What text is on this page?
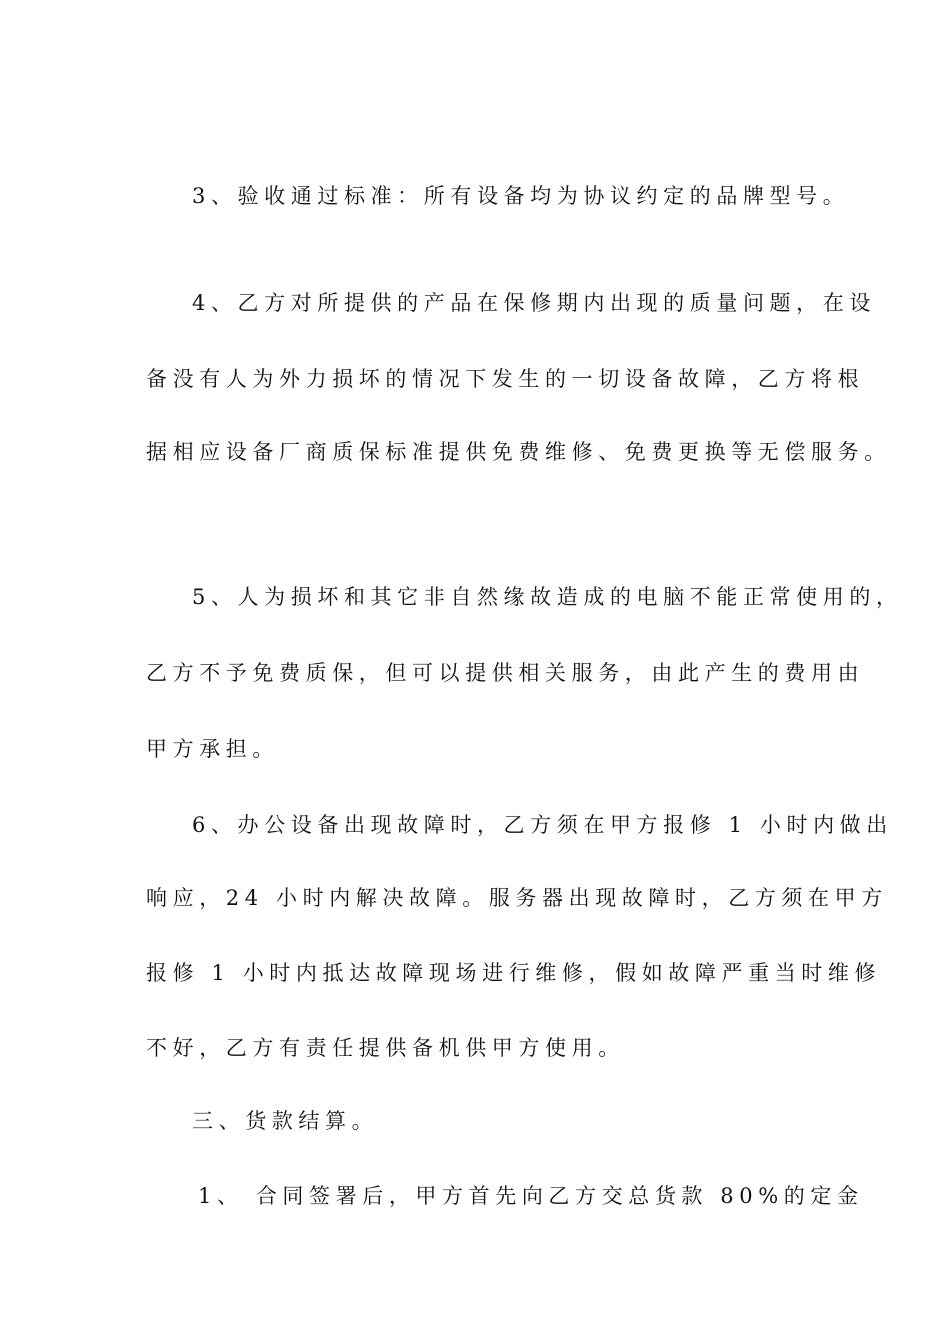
3、验收通过标准：所有设备均为协议约定的品牌型号。
4、乙方对所提供的产品在保修期内出现的质量问题，在设
备没有人为外力损坏的情况下发生的一切设备故障，乙方将根
据相应设备厂商质保标准提供免费维修、免费更换等无偿服务。
5、人为损坏和其它非自然缘故造成的电脑不能正常使用的，
乙方不予免费质保，但可以提供相关服务，由此产生的费用由
甲方承担。
6、办公设备出现故障时，乙方须在甲方报修 1 小时内做出
响应，24 小时内解决故障。服务器出现故障时，乙方须在甲方
报修 1 小时内抵达故障现场进行维修，假如故障严重当时维修
不好，乙方有责任提供备机供甲方使用。
三、货款结算。
1、 合同签署后，甲方首先向乙方交总货款 80%的定金
